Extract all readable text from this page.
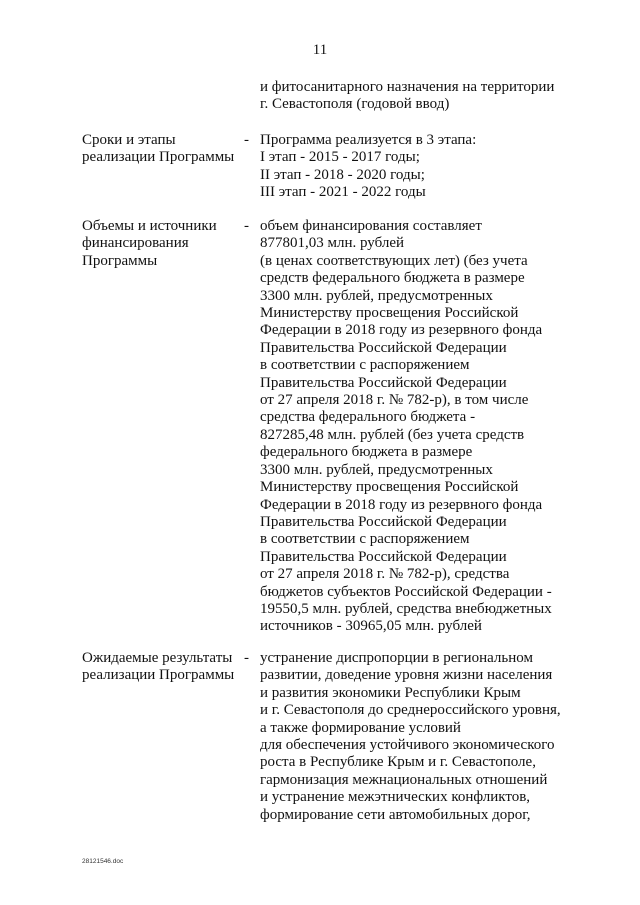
11
и фитосанитарного назначения на территории
г. Севастополя (годовой ввод)
Сроки и этапы
реализации Программы
- Программа реализуется в 3 этапа:
I этап - 2015 - 2017 годы;
II этап - 2018 - 2020 годы;
III этап - 2021 - 2022 годы
Объемы и источники
финансирования
Программы
- объем финансирования составляет
877801,03 млн. рублей
(в ценах соответствующих лет) (без учета
средств федерального бюджета в размере
3300 млн. рублей, предусмотренных
Министерству просвещения Российской
Федерации в 2018 году из резервного фонда
Правительства Российской Федерации
в соответствии с распоряжением
Правительства Российской Федерации
от 27 апреля 2018 г. № 782-р), в том числе
средства федерального бюджета -
827285,48 млн. рублей (без учета средств
федерального бюджета в размере
3300 млн. рублей, предусмотренных
Министерству просвещения Российской
Федерации в 2018 году из резервного фонда
Правительства Российской Федерации
в соответствии с распоряжением
Правительства Российской Федерации
от 27 апреля 2018 г. № 782-р), средства
бюджетов субъектов Российской Федерации -
19550,5 млн. рублей, средства внебюджетных
источников - 30965,05 млн. рублей
Ожидаемые результаты
реализации Программы
- устранение диспропорции в региональном
развитии, доведение уровня жизни населения
и развития экономики Республики Крым
и г. Севастополя до среднероссийского уровня,
а также формирование условий
для обеспечения устойчивого экономического
роста в Республике Крым и г. Севастополе,
гармонизация межнациональных отношений
и устранение межэтнических конфликтов,
формирование сети автомобильных дорог,
28121546.doc
